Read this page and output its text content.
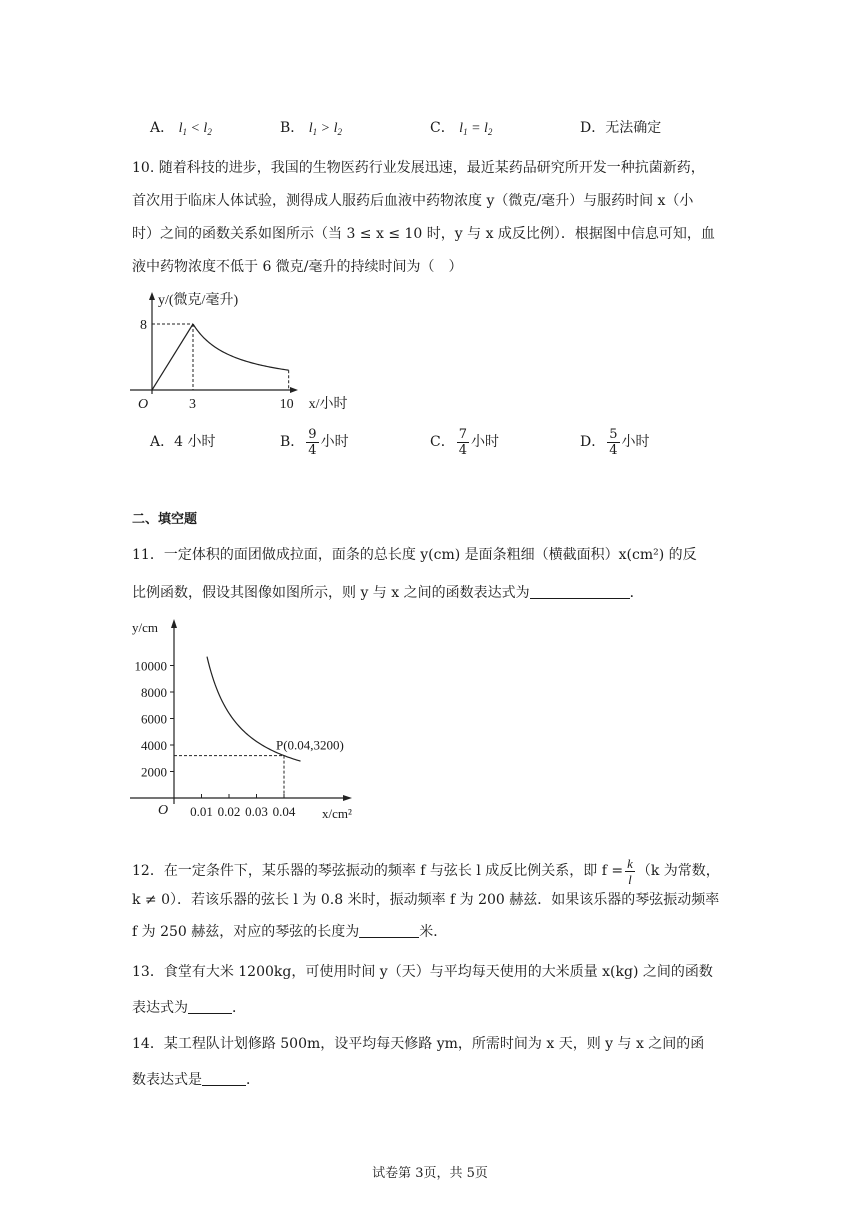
A． $l_1 < l_2$	B． $l_1 > l_2$	C． $l_1 = l_2$	D．无法确定
10. 随着科技的进步，我国的生物医药行业发展迅速，最近某药品研究所开发一种抗菌新药，
首次用于临床人体试验，测得成人服药后血液中药物浓度 y（微克/毫升）与服药时间 x（小
时）之间的函数关系如图所示（当 3 ≤ x ≤ 10 时，y 与 x 成反比例）．根据图中信息可知，血
液中药物浓度不低于 6 微克/毫升的持续时间为（　）
y/(微克/毫升)
x/小时
O
8
3	10
A．4 小时	B． $\frac{9}{4}$ 小时	C． $\frac{7}{4}$ 小时	D． $\frac{5}{4}$ 小时
二、填空题
11．一定体积的面团做成拉面，面条的总长度 y(cm) 是面条粗细（横截面积）x(cm²) 的反
比例函数，假设其图像如图所示，则 y 与 x 之间的函数表达式为	．
y/cm
x/cm²
O
2000
4000
6000
8000
10000
0.01 0.02 0.03 0.04
P(0.04,3200)
12．在一定条件下，某乐器的琴弦振动的频率 f 与弦长 l 成反比例关系，即 $f = \frac{k}{l} (k$ 为常数，
k ≠ 0）．若该乐器的弦长 l 为 0.8 米时，振动频率 f 为 200 赫兹．如果该乐器的琴弦振动频率
f 为 250 赫兹，对应的琴弦的长度为	米．
13．食堂有大米 1200kg，可使用时间 y（天）与平均每天使用的大米质量 x(kg) 之间的函数
表达式为	．
14．某工程队计划修路 500m，设平均每天修路 ym，所需时间为 x 天，则 y 与 x 之间的函
数表达式是	．
试卷第 3页，共 5页
